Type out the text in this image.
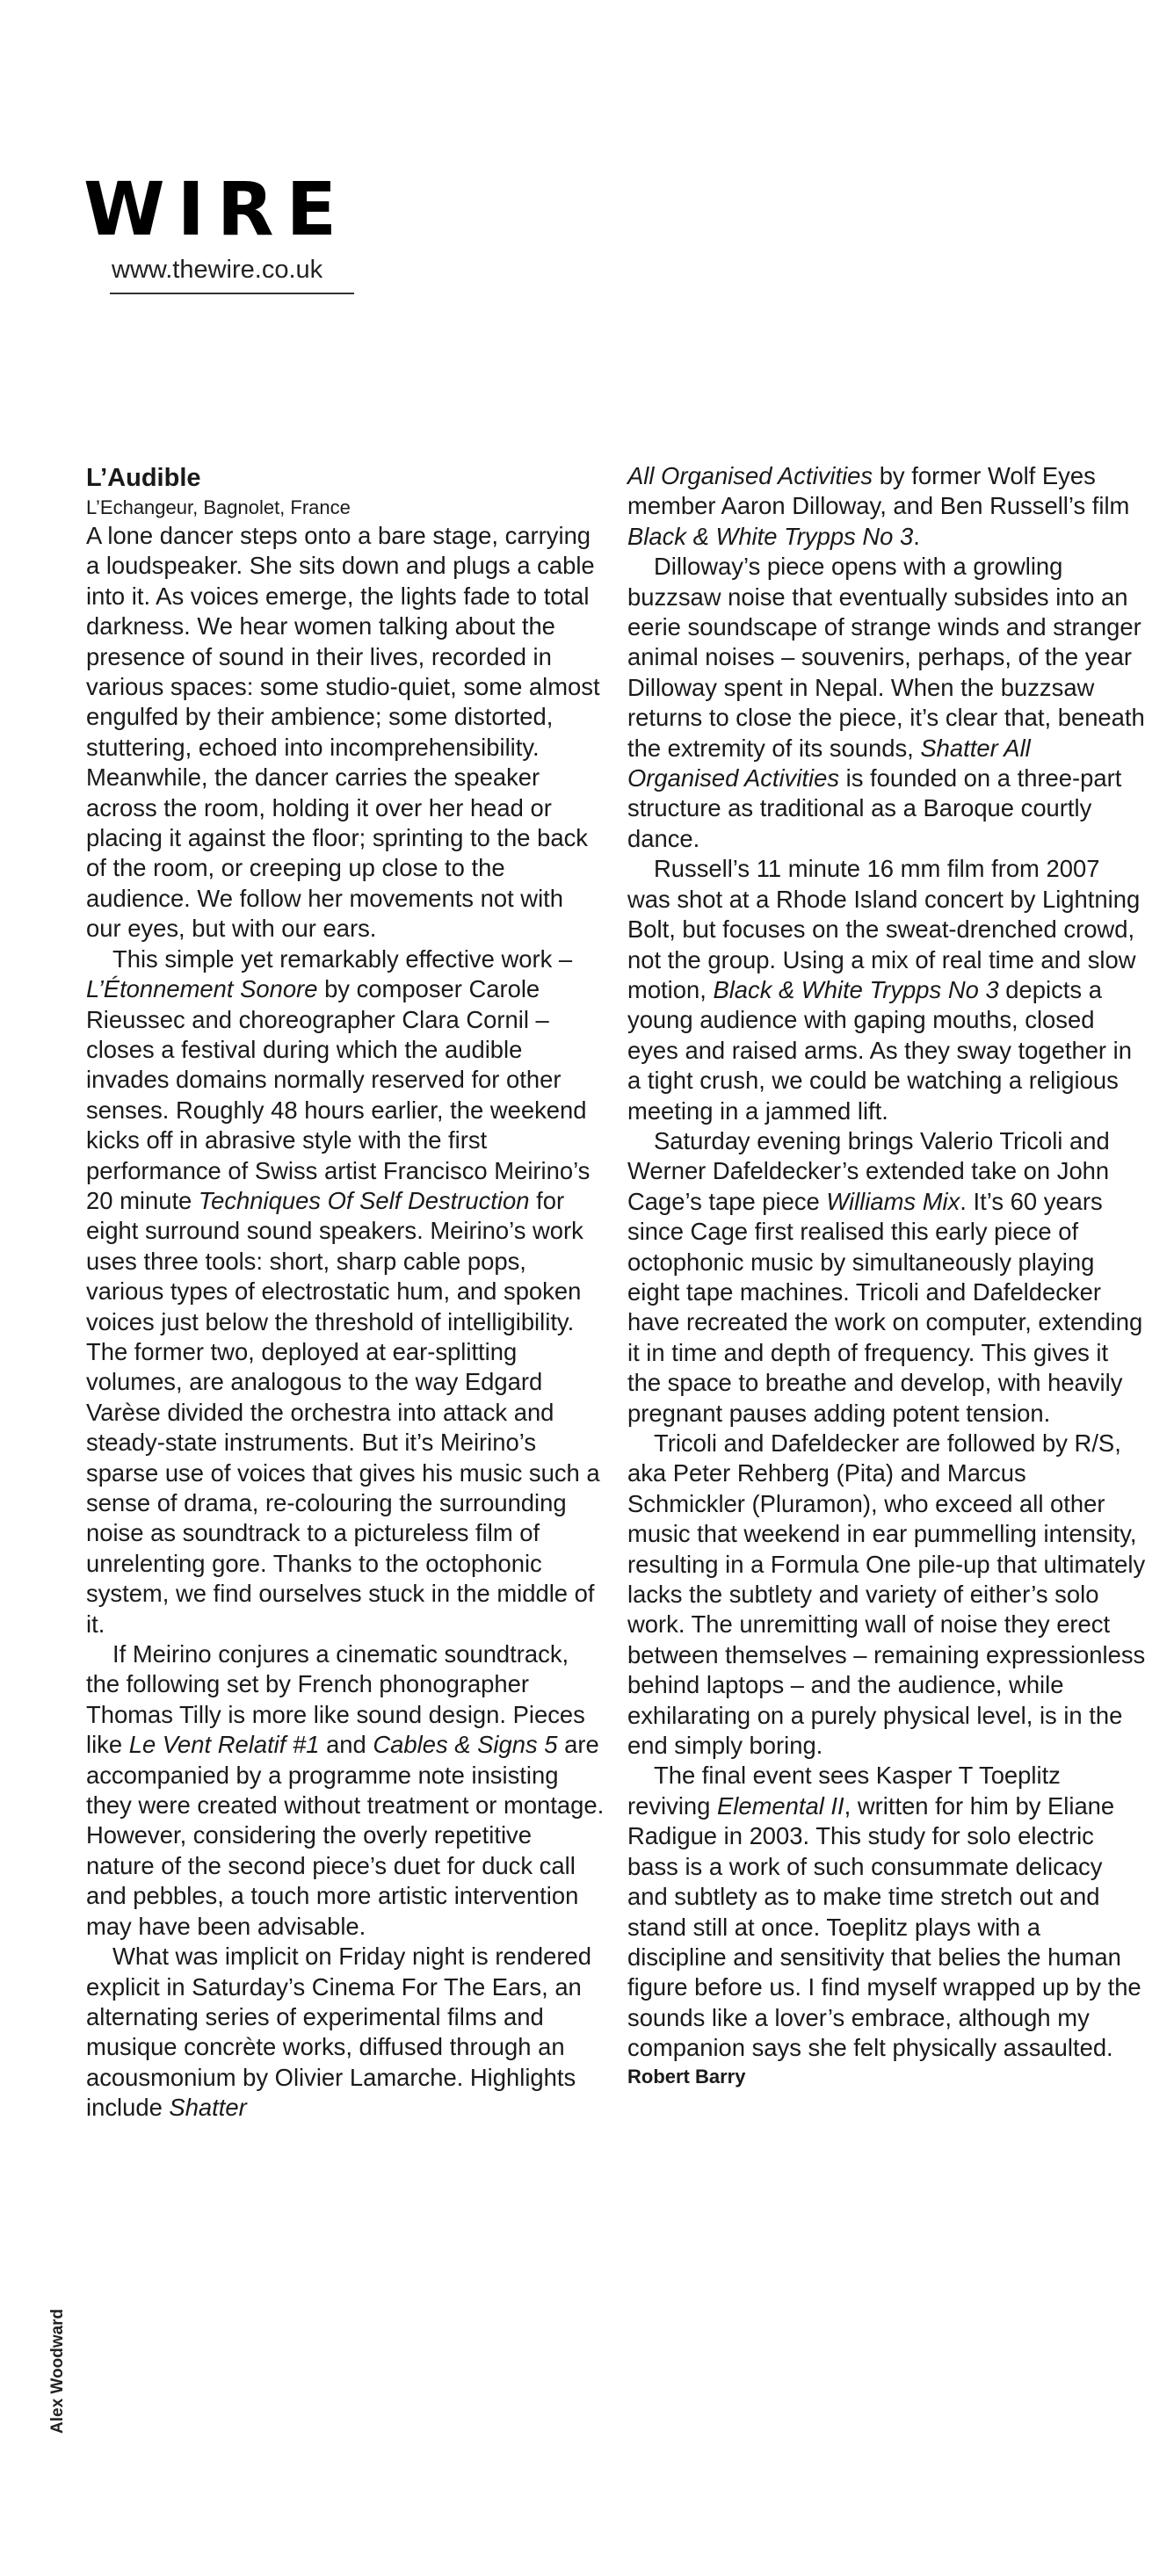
WIRE
www.thewire.co.uk
L’Audible

L’Echangeur, Bagnolet, France

A lone dancer steps onto a bare stage, carrying a loudspeaker. She sits down and plugs a cable into it. As voices emerge, the lights fade to total darkness. We hear women talking about the presence of sound in their lives, recorded in various spaces: some studio-quiet, some almost engulfed by their ambience; some distorted, stuttering, echoed into incomprehensibility. Meanwhile, the dancer carries the speaker across the room, holding it over her head or placing it against the floor; sprinting to the back of the room, or creeping up close to the audience. We follow her movements not with our eyes, but with our ears.

This simple yet remarkably effective work – L’Étonnement Sonore by composer Carole Rieussec and choreographer Clara Cornil – closes a festival during which the audible invades domains normally reserved for other senses. Roughly 48 hours earlier, the weekend kicks off in abrasive style with the first performance of Swiss artist Francisco Meirino’s 20 minute Techniques Of Self Destruction for eight surround sound speakers. Meirino’s work uses three tools: short, sharp cable pops, various types of electrostatic hum, and spoken voices just below the threshold of intelligibility. The former two, deployed at ear-splitting volumes, are analogous to the way Edgard Varèse divided the orchestra into attack and steady-state instruments. But it’s Meirino’s sparse use of voices that gives his music such a sense of drama, re-colouring the surrounding noise as soundtrack to a pictureless film of unrelenting gore. Thanks to the octophonic system, we find ourselves stuck in the middle of it.

If Meirino conjures a cinematic soundtrack, the following set by French phonographer Thomas Tilly is more like sound design. Pieces like Le Vent Relatif #1 and Cables & Signs 5 are accompanied by a programme note insisting they were created without treatment or montage. However, considering the overly repetitive nature of the second piece’s duet for duck call and pebbles, a touch more artistic intervention may have been advisable.

What was implicit on Friday night is rendered explicit in Saturday’s Cinema For The Ears, an alternating series of experimental films and musique concrète works, diffused through an acousmonium by Olivier Lamarche. Highlights include Shatter

All Organised Activities by former Wolf Eyes member Aaron Dilloway, and Ben Russell’s film Black & White Trypps No 3.

Dilloway’s piece opens with a growling buzzsaw noise that eventually subsides into an eerie soundscape of strange winds and stranger animal noises – souvenirs, perhaps, of the year Dilloway spent in Nepal. When the buzzsaw returns to close the piece, it’s clear that, beneath the extremity of its sounds, Shatter All Organised Activities is founded on a three-part structure as traditional as a Baroque courtly dance.

Russell’s 11 minute 16 mm film from 2007 was shot at a Rhode Island concert by Lightning Bolt, but focuses on the sweat-drenched crowd, not the group. Using a mix of real time and slow motion, Black & White Trypps No 3 depicts a young audience with gaping mouths, closed eyes and raised arms. As they sway together in a tight crush, we could be watching a religious meeting in a jammed lift.

Saturday evening brings Valerio Tricoli and Werner Dafeldecker’s extended take on John Cage’s tape piece Williams Mix. It’s 60 years since Cage first realised this early piece of octophonic music by simultaneously playing eight tape machines. Tricoli and Dafeldecker have recreated the work on computer, extending it in time and depth of frequency. This gives it the space to breathe and develop, with heavily pregnant pauses adding potent tension.

Tricoli and Dafeldecker are followed by R/S, aka Peter Rehberg (Pita) and Marcus Schmickler (Pluramon), who exceed all other music that weekend in ear pummelling intensity, resulting in a Formula One pile-up that ultimately lacks the subtlety and variety of either’s solo work. The unremitting wall of noise they erect between themselves – remaining expressionless behind laptops – and the audience, while exhilarating on a purely physical level, is in the end simply boring.

The final event sees Kasper T Toeplitz reviving Elemental II, written for him by Eliane Radigue in 2003. This study for solo electric bass is a work of such consummate delicacy and subtlety as to make time stretch out and stand still at once. Toeplitz plays with a discipline and sensitivity that belies the human figure before us. I find myself wrapped up by the sounds like a lover’s embrace, although my companion says she felt physically assaulted.

Robert Barry

Alex Woodward
